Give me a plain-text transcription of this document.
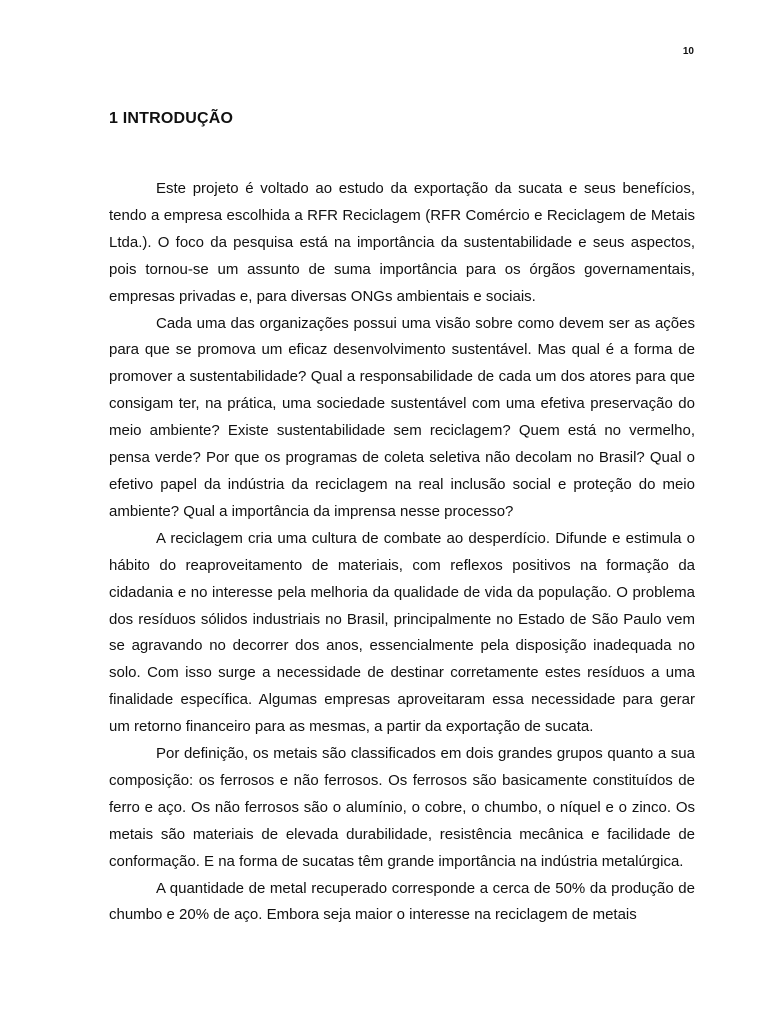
10
1 INTRODUÇÃO

Este projeto é voltado ao estudo da exportação da sucata e seus benefícios, tendo a empresa escolhida a RFR Reciclagem (RFR Comércio e Reciclagem de Metais Ltda.). O foco da pesquisa está na importância da sustentabilidade e seus aspectos, pois tornou-se um assunto de suma importância para os órgãos governamentais, empresas privadas e, para diversas ONGs ambientais e sociais.

Cada uma das organizações possui uma visão sobre como devem ser as ações para que se promova um eficaz desenvolvimento sustentável. Mas qual é a forma de promover a sustentabilidade? Qual a responsabilidade de cada um dos atores para que consigam ter, na prática, uma sociedade sustentável com uma efetiva preservação do meio ambiente? Existe sustentabilidade sem reciclagem? Quem está no vermelho, pensa verde? Por que os programas de coleta seletiva não decolam no Brasil? Qual o efetivo papel da indústria da reciclagem na real inclusão social e proteção do meio ambiente? Qual a importância da imprensa nesse processo?

A reciclagem cria uma cultura de combate ao desperdício. Difunde e estimula o hábito do reaproveitamento de materiais, com reflexos positivos na formação da cidadania e no interesse pela melhoria da qualidade de vida da população. O problema dos resíduos sólidos industriais no Brasil, principalmente no Estado de São Paulo vem se agravando no decorrer dos anos, essencialmente pela disposição inadequada no solo. Com isso surge a necessidade de destinar corretamente estes resíduos a uma finalidade específica. Algumas empresas aproveitaram essa necessidade para gerar um retorno financeiro para as mesmas, a partir da exportação de sucata.

Por definição, os metais são classificados em dois grandes grupos quanto a sua composição: os ferrosos e não ferrosos. Os ferrosos são basicamente constituídos de ferro e aço. Os não ferrosos são o alumínio, o cobre, o chumbo, o níquel e o zinco. Os metais são materiais de elevada durabilidade, resistência mecânica e facilidade de conformação. E na forma de sucatas têm grande importância na indústria metalúrgica.

A quantidade de metal recuperado corresponde a cerca de 50% da produção de chumbo e 20% de aço. Embora seja maior o interesse na reciclagem de metais
